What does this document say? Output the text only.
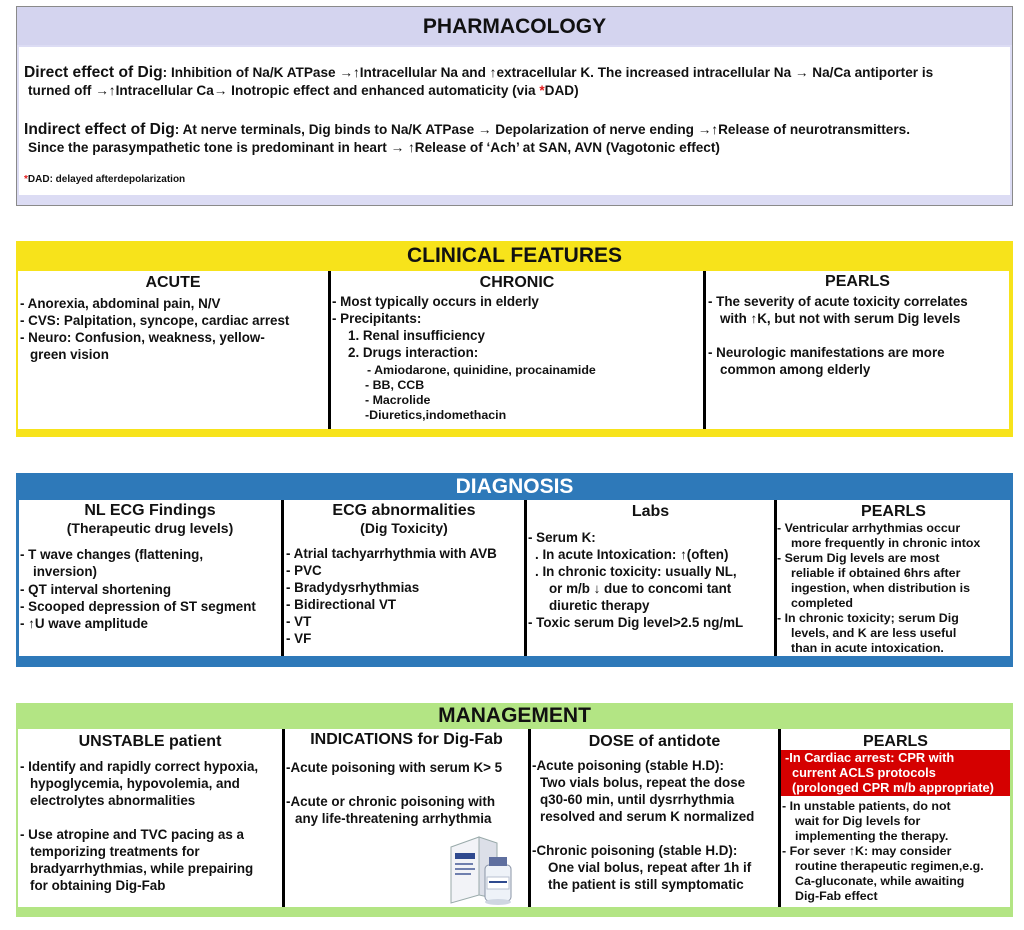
PHARMACOLOGY
Direct effect of Dig: Inhibition of Na/K ATPase →↑Intracellular Na and ↑extracellular K. The increased intracellular Na → Na/Ca antiporter is
turned off →↑Intracellular Ca→ Inotropic effect and enhanced automaticity (via *DAD)
Indirect effect of Dig: At nerve terminals, Dig binds to Na/K ATPase → Depolarization of nerve ending →↑Release of neurotransmitters.
Since the parasympathetic tone is predominant in heart → ↑Release of ‘Ach’ at SAN, AVN (Vagotonic effect)
*DAD: delayed afterdepolarization
CLINICAL FEATURES
ACUTE
- Anorexia, abdominal pain, N/V
- CVS: Palpitation, syncope, cardiac arrest
- Neuro: Confusion, weakness, yellow-
green vision
CHRONIC
- Most typically occurs in elderly
- Precipitants:
1. Renal insufficiency
2. Drugs interaction:
- Amiodarone, quinidine, procainamide
- BB, CCB
- Macrolide
-Diuretics,indomethacin
PEARLS
- The severity of acute toxicity correlates
with ↑K, but not with serum Dig levels
- Neurologic manifestations are more
common among elderly
DIAGNOSIS
NL ECG Findings
(Therapeutic drug levels)
- T wave changes (flattening,
inversion)
- QT interval shortening
- Scooped depression of ST segment
- ↑U wave amplitude
ECG abnormalities
(Dig Toxicity)
- Atrial tachyarrhythmia with AVB
- PVC
- Bradydysrhythmias
- Bidirectional VT
- VT
- VF
Labs
- Serum K:
. In acute Intoxication: ↑(often)
. In chronic toxicity: usually NL,
or m/b ↓ due to concomi tant
diuretic therapy
- Toxic serum Dig level>2.5 ng/mL
PEARLS
- Ventricular arrhythmias occur
more frequently in chronic intox
- Serum Dig levels are most
reliable if obtained 6hrs after
ingestion, when distribution is
completed
- In chronic toxicity; serum Dig
levels, and K are less useful
than in acute intoxication.
MANAGEMENT
UNSTABLE patient
- Identify and rapidly correct hypoxia,
hypoglycemia, hypovolemia, and
electrolytes abnormalities
- Use atropine and TVC pacing as a
temporizing treatments for
bradyarrhythmias, while prepairing
for obtaining Dig-Fab
INDICATIONS for Dig-Fab
-Acute poisoning with serum K> 5
-Acute or chronic poisoning with
any life-threatening arrhythmia
DOSE of antidote
-Acute poisoning (stable H.D):
Two vials bolus, repeat the dose
q30-60 min, until dysrrhythmia
resolved and serum K normalized
-Chronic poisoning (stable H.D):
One vial bolus, repeat after 1h if
the patient is still symptomatic
PEARLS
-In Cardiac arrest: CPR with
current ACLS protocols
(prolonged CPR m/b appropriate)
- In unstable patients, do not
wait for Dig levels for
implementing the therapy.
- For sever ↑K: may consider
routine therapeutic regimen,e.g.
Ca-gluconate, while awaiting
Dig-Fab effect
